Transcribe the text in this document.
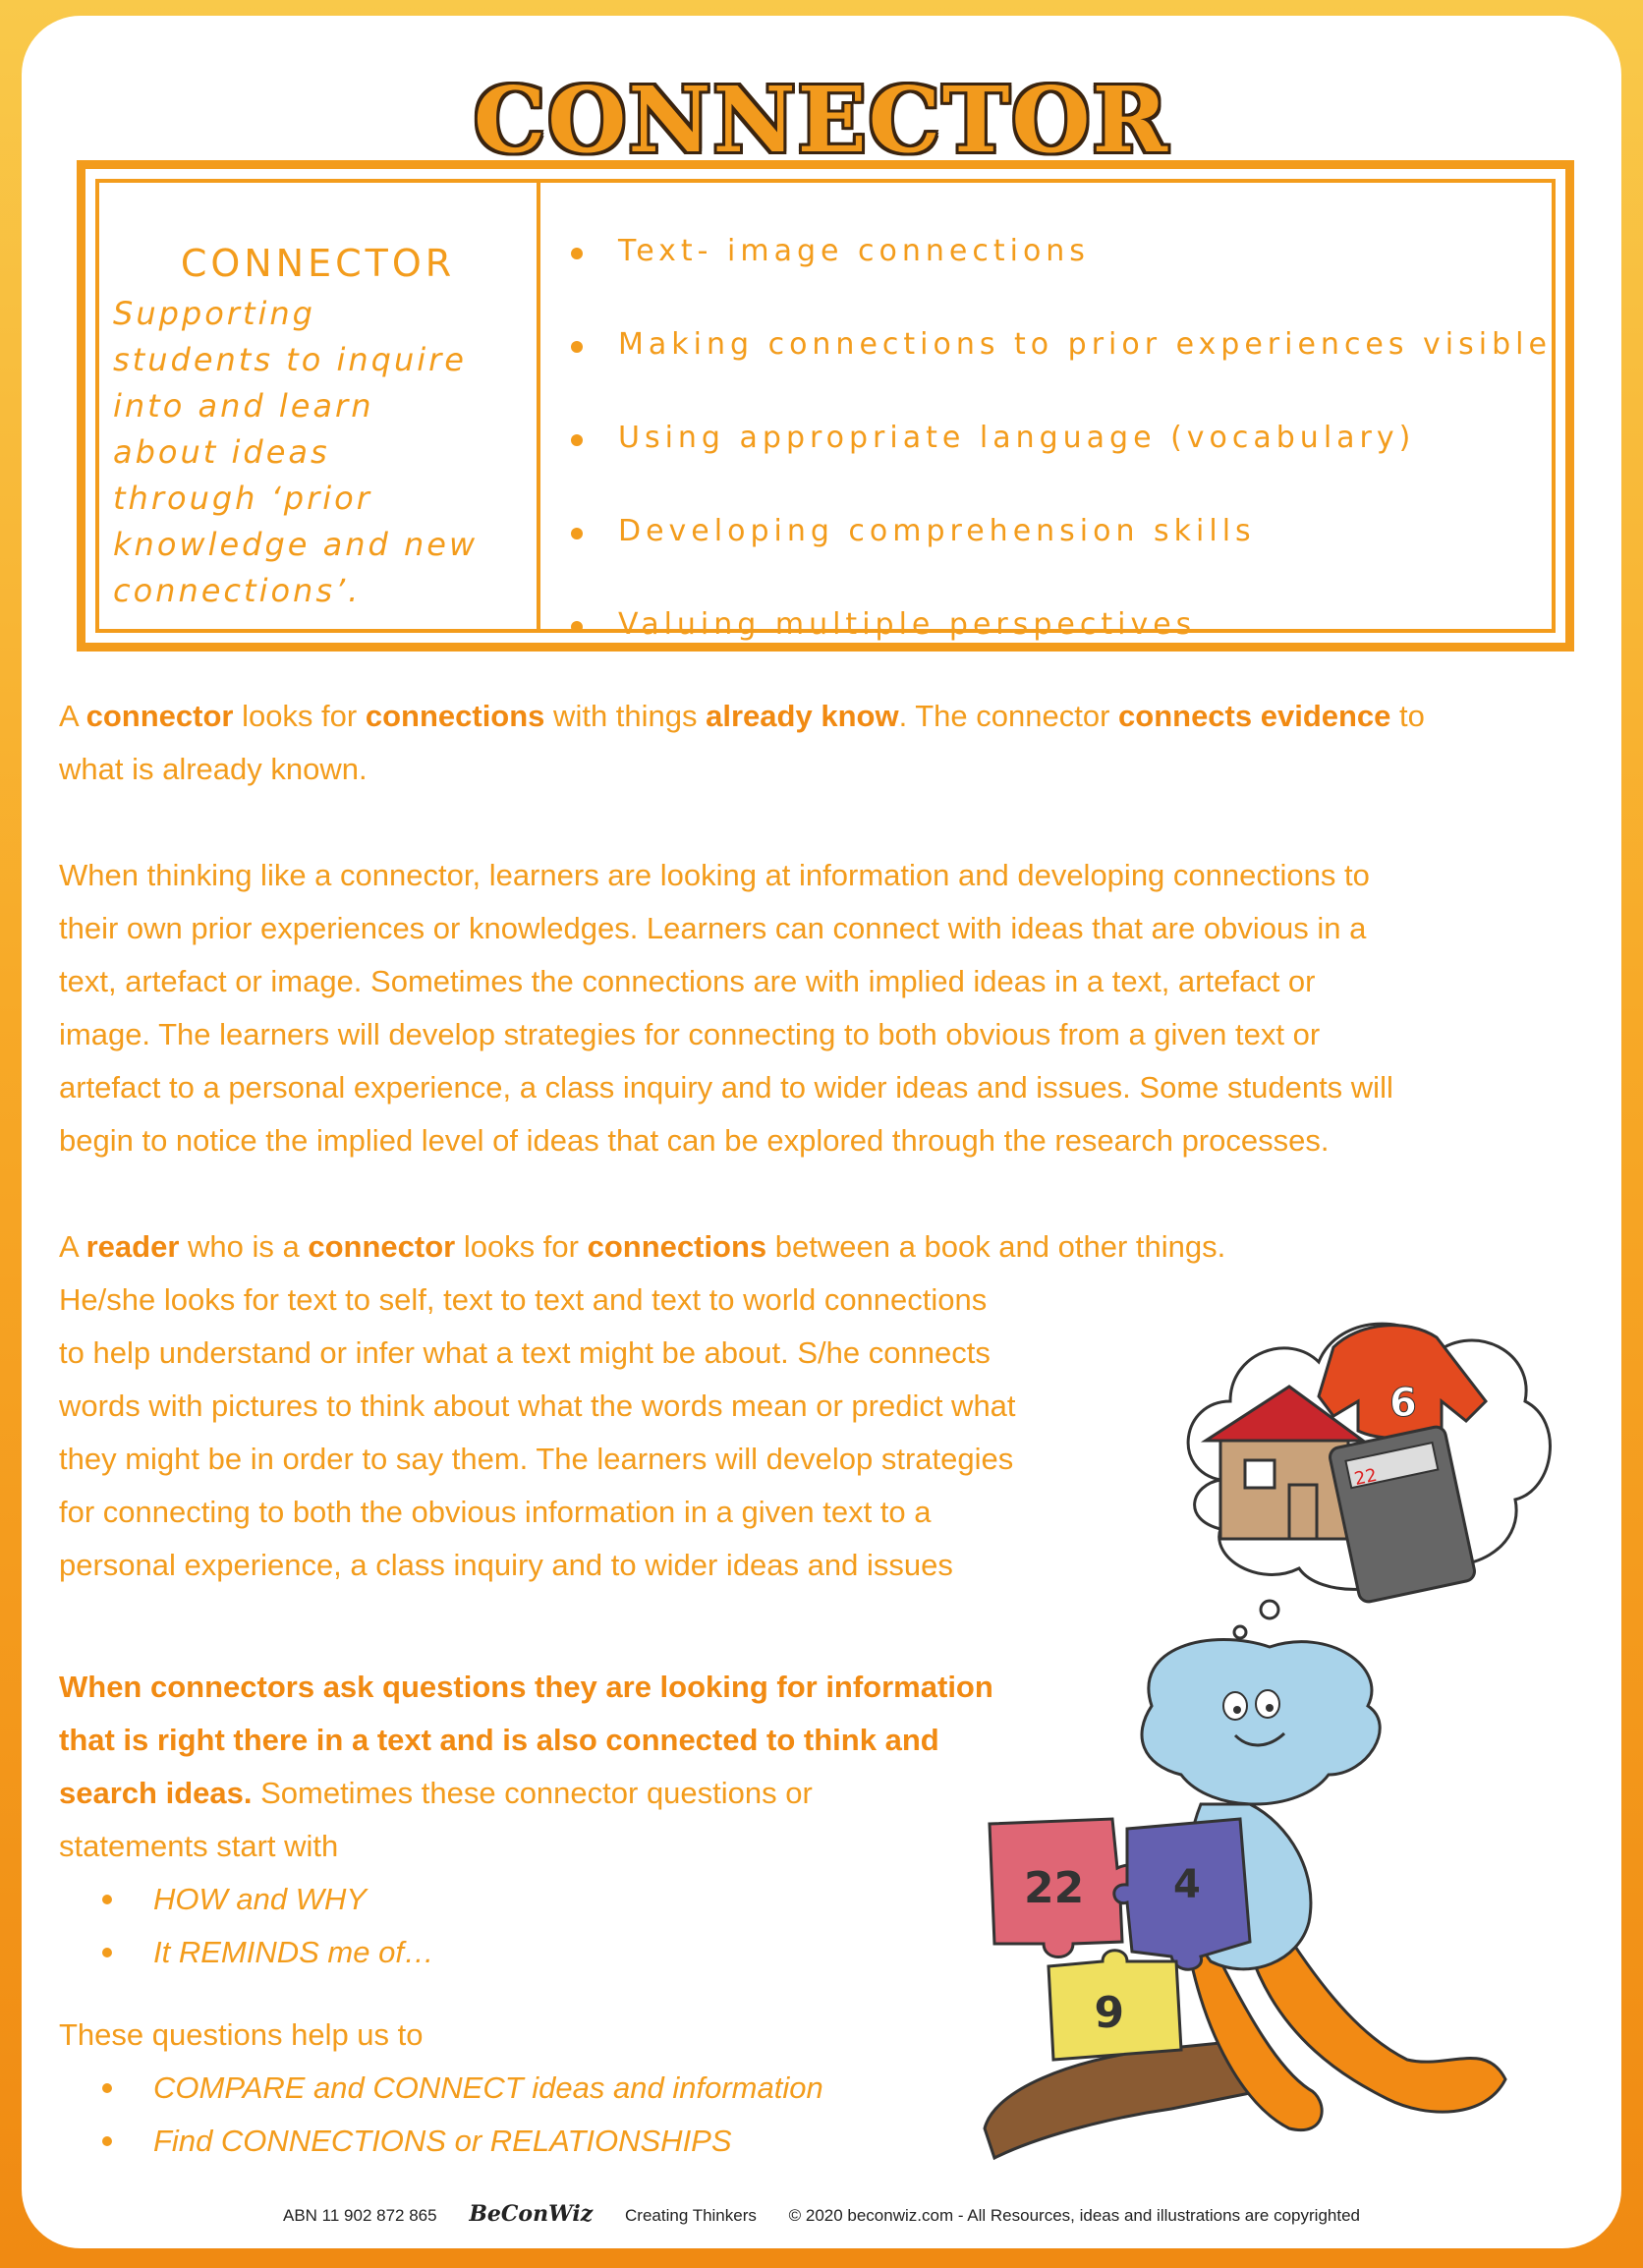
CONNECTOR
CONNECTOR
Supporting
students to inquire
into and learn
about ideas
through ‘prior
knowledge and new
connections’.
Text- image connections
Making connections to prior experiences visible
Using appropriate language (vocabulary)
Developing comprehension skills
Valuing multiple perspectives

A connector looks for connections with things already know. The connector connects evidence to
what is already known.

When thinking like a connector, learners are looking at information and developing connections to
their own prior experiences or knowledges. Learners can connect with ideas that are obvious in a
text, artefact or image. Sometimes the connections are with implied ideas in a text, artefact or
image. The learners will develop strategies for connecting to both obvious from a given text or
artefact to a personal experience, a class inquiry and to wider ideas and issues. Some students will
begin to notice the implied level of ideas that can be explored through the research processes.

A reader who is a connector looks for connections between a book and other things.
He/she looks for text to self, text to text and text to world connections
to help understand or infer what a text might be about. S/he connects
words with pictures to think about what the words mean or predict what
they might be in order to say them. The learners will develop strategies
for connecting to both the obvious information in a given text to a
personal experience, a class inquiry and to wider ideas and issues

When connectors ask questions they are looking for information
that is right there in a text and is also connected to think and
search ideas. Sometimes these connector questions or
statements start with

HOW and WHY
It REMINDS me of…

These questions help us to

COMPARE and CONNECT ideas and information
Find CONNECTIONS or RELATIONSHIPS
6
22
22 4
6
ABN 11 902 872 865 BeConWiz Creating Thinkers © 2020 beconwiz.com - All Resources, ideas and illustrations are copyrighted
